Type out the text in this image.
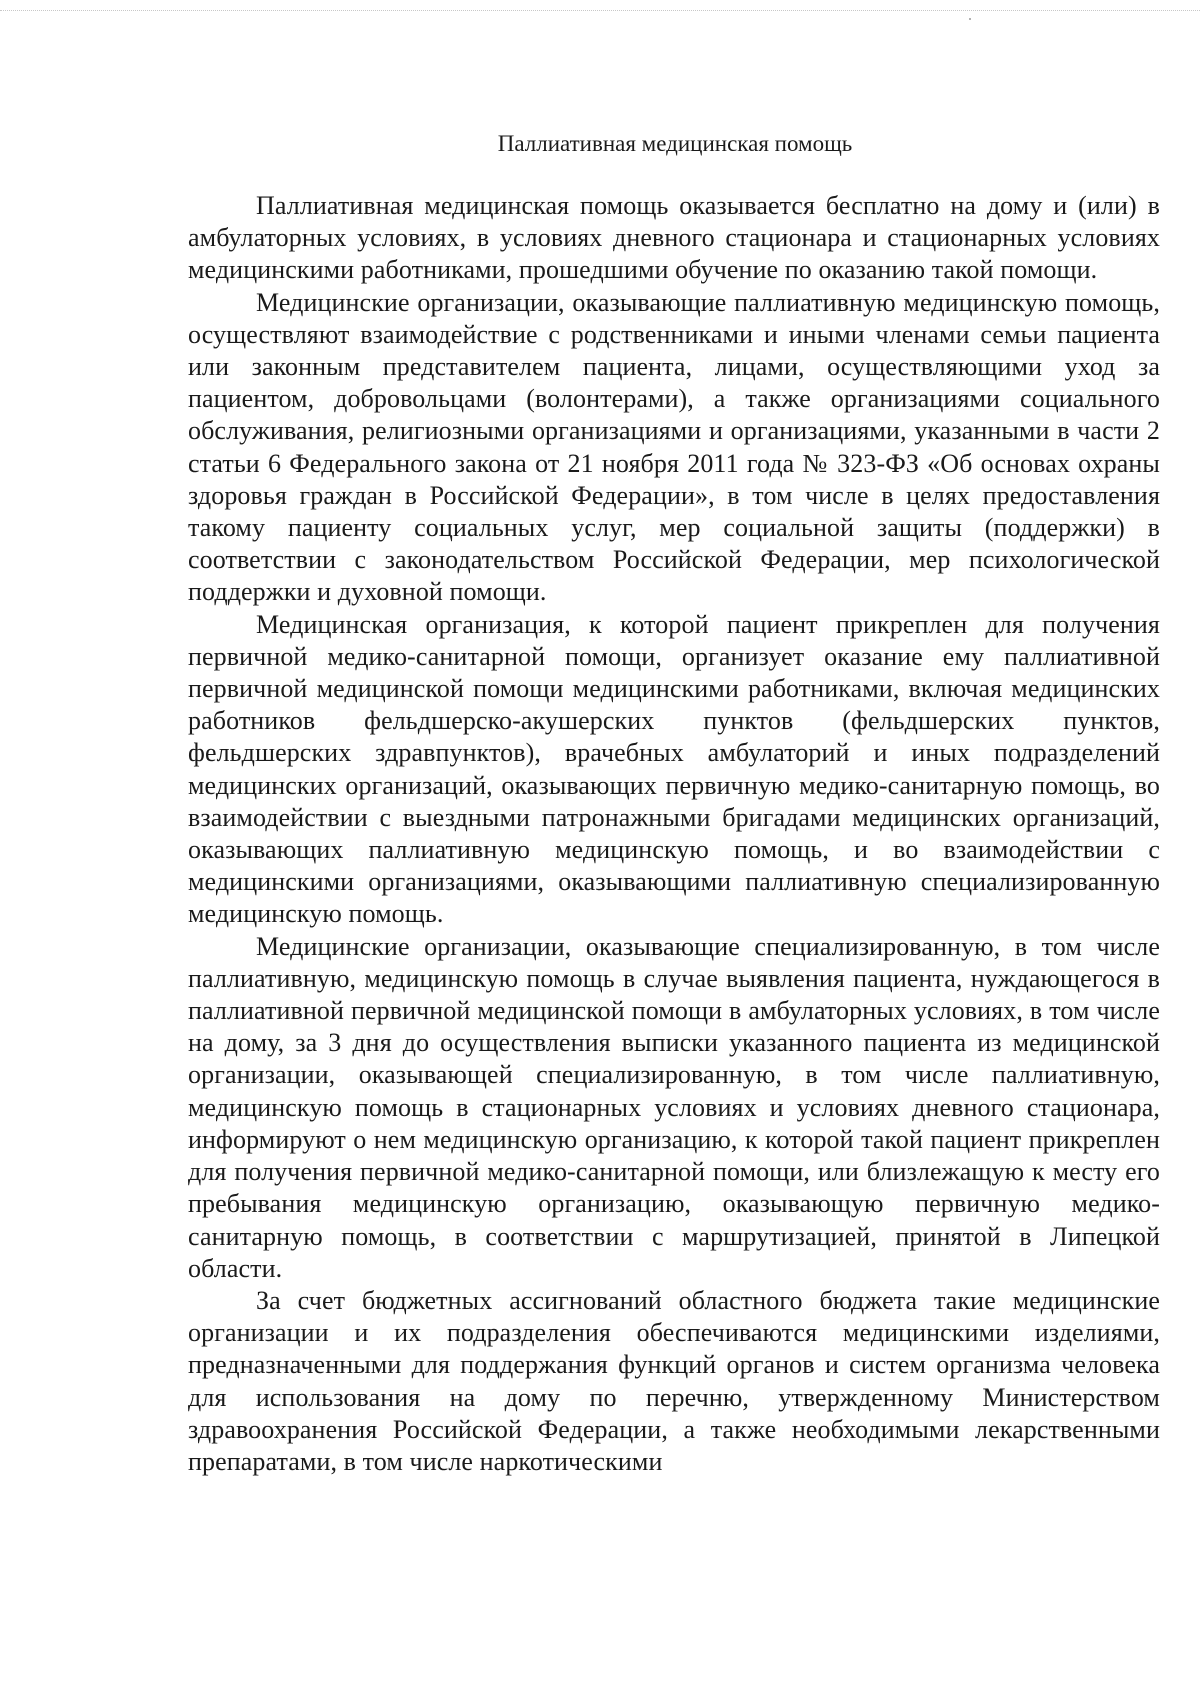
Паллиативная медицинская помощь

Паллиативная медицинская помощь оказывается бесплатно на дому и (или) в амбулаторных условиях, в условиях дневного стационара и стационарных условиях медицинскими работниками, прошедшими обучение по оказанию такой помощи.

Медицинские организации, оказывающие паллиативную медицинскую помощь, осуществляют взаимодействие с родственниками и иными членами семьи пациента или законным представителем пациента, лицами, осуществляющими уход за пациентом, добровольцами (волонтерами), а также организациями социального обслуживания, религиозными организациями и организациями, указанными в части 2 статьи 6 Федерального закона от 21 ноября 2011 года № 323-ФЗ «Об основах охраны здоровья граждан в Российской Федерации», в том числе в целях предоставления такому пациенту социальных услуг, мер социальной защиты (поддержки) в соответствии с законодательством Российской Федерации, мер психологической поддержки и духовной помощи.

Медицинская организация, к которой пациент прикреплен для получения первичной медико-санитарной помощи, организует оказание ему паллиативной первичной медицинской помощи медицинскими работниками, включая медицинских работников фельдшерско-акушерских пунктов (фельдшерских пунктов, фельдшерских здравпунктов), врачебных амбулаторий и иных подразделений медицинских организаций, оказывающих первичную медико-санитарную помощь, во взаимодействии с выездными патронажными бригадами медицинских организаций, оказывающих паллиативную медицинскую помощь, и во взаимодействии с медицинскими организациями, оказывающими паллиативную специализированную медицинскую помощь.

Медицинские организации, оказывающие специализированную, в том числе паллиативную, медицинскую помощь в случае выявления пациента, нуждающегося в паллиативной первичной медицинской помощи в амбулаторных условиях, в том числе на дому, за 3 дня до осуществления выписки указанного пациента из медицинской организации, оказывающей специализированную, в том числе паллиативную, медицинскую помощь в стационарных условиях и условиях дневного стационара, информируют о нем медицинскую организацию, к которой такой пациент прикреплен для получения первичной медико-санитарной помощи, или близлежащую к месту его пребывания медицинскую организацию, оказывающую первичную медико-санитарную помощь, в соответствии с маршрутизацией, принятой в Липецкой области.

За счет бюджетных ассигнований областного бюджета такие медицинские организации и их подразделения обеспечиваются медицинскими изделиями, предназначенными для поддержания функций органов и систем организма человека для использования на дому по перечню, утвержденному Министерством здравоохранения Российской Федерации, а также необходимыми лекарственными препаратами, в том числе наркотическими
